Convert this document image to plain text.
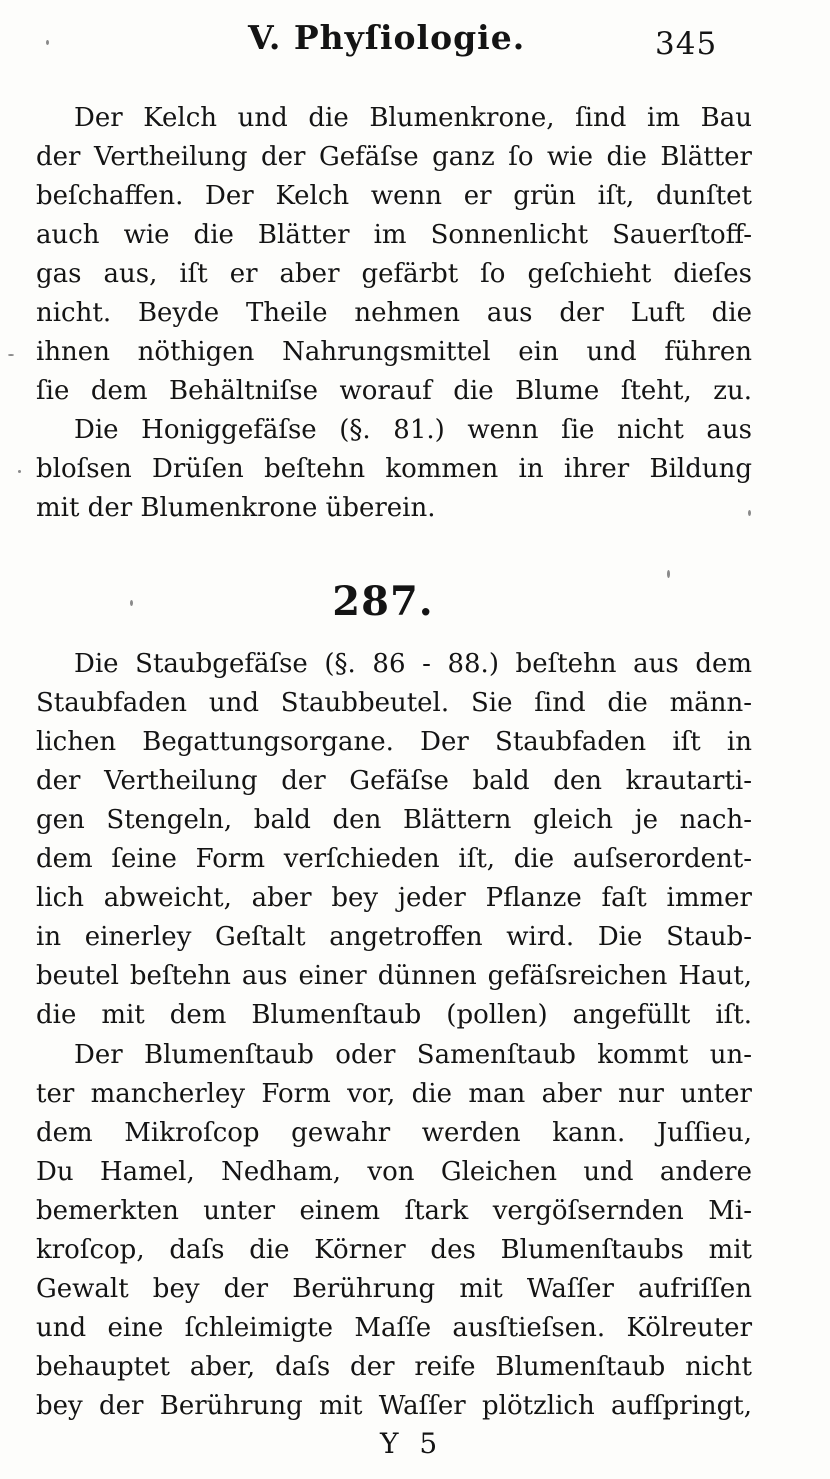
V. Phyſiologie.	345
Der Kelch und die Blumenkrone, ſind im Bau
der Vertheilung der Gefäſse ganz ſo wie die Blätter
beſchaffen. Der Kelch wenn er grün iſt, dunſtet
auch wie die Blätter im Sonnenlicht Sauerſtoff-
gas aus, iſt er aber gefärbt ſo geſchieht dieſes
nicht. Beyde Theile nehmen aus der Luft die
ihnen nöthigen Nahrungsmittel ein und führen
ſie dem Behältniſse worauf die Blume ſteht, zu.
Die Honiggefäſse (§. 81.) wenn ſie nicht aus
bloſsen Drüſen beſtehn kommen in ihrer Bildung
mit der Blumenkrone überein.
287.
Die Staubgefäſse (§. 86 - 88.) beſtehn aus dem
Staubfaden und Staubbeutel. Sie ſind die männ-
lichen Begattungsorgane. Der Staubfaden iſt in
der Vertheilung der Gefäſse bald den krautarti-
gen Stengeln, bald den Blättern gleich je nach-
dem ſeine Form verſchieden iſt, die auſserordent-
lich abweicht, aber bey jeder Pflanze faſt immer
in einerley Geſtalt angetroffen wird. Die Staub-
beutel beſtehn aus einer dünnen gefäſsreichen Haut,
die mit dem Blumenſtaub (pollen) angefüllt iſt.
Der Blumenſtaub oder Samenſtaub kommt un-
ter mancherley Form vor, die man aber nur unter
dem Mikroſcop gewahr werden kann. Juſſieu,
Du Hamel, Nedham, von Gleichen und andere
bemerkten unter einem ſtark vergöſsernden Mi-
kroſcop, daſs die Körner des Blumenſtaubs mit
Gewalt bey der Berührung mit Waſſer aufriſſen
und eine ſchleimigte Maſſe ausſtieſsen. Kölreuter
behauptet aber, daſs der reife Blumenſtaub nicht
bey der Berührung mit Waſſer plötzlich aufſpringt,
Y 5
